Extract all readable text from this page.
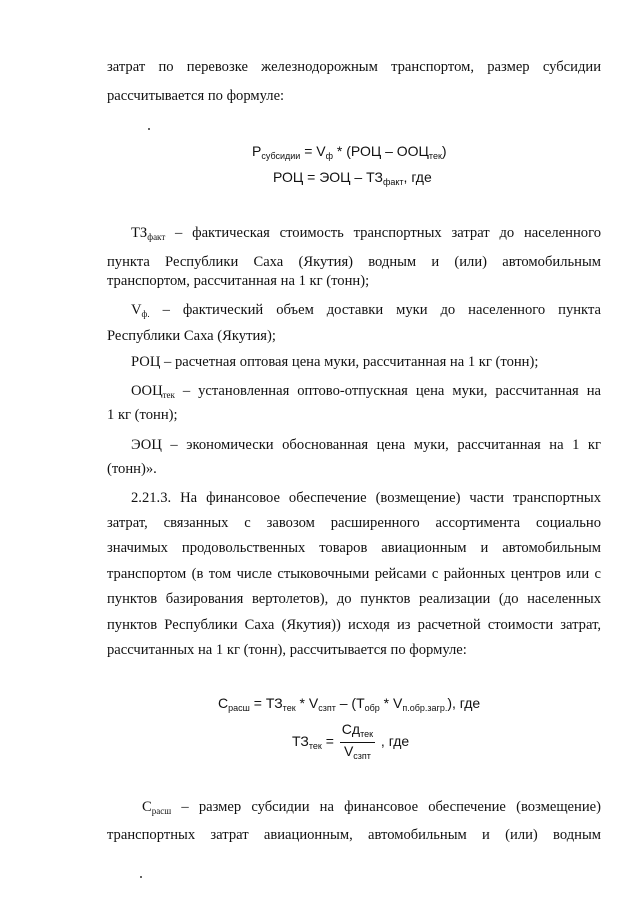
затрат по перевозке железнодорожным транспортом, размер субсидии
рассчитывается по формуле:
$Р_{субсидии} = V_ф * (РОЦ - ООЦ_{тек})$
РОЦ = ЭОЦ – $ТЗ_{факт}$, где
$ТЗ_{факт}$ – фактическая стоимость транспортных затрат до населенного
пункта Республики Саха (Якутия) водным и (или) автомобильным
транспортом, рассчитанная на 1 кг (тонн);
$V_{ф.}$ – фактический объем доставки муки до населенного пункта
Республики Саха (Якутия);
РОЦ – расчетная оптовая цена муки, рассчитанная на 1 кг (тонн);
$ООЦ_{тек}$ – установленная оптово-отпускная цена муки, рассчитанная на
1 кг (тонн);
ЭОЦ – экономически обоснованная цена муки, рассчитанная на 1 кг
(тонн)».
2.21.3. На финансовое обеспечение (возмещение) части транспортных
затрат, связанных с завозом расширенного ассортимента социально
значимых продовольственных товаров авиационным и автомобильным
транспортом (в том числе стыковочными рейсами с районных центров или с
пунктов базирования вертолетов), до пунктов реализации (до населенных
пунктов Республики Саха (Якутия)) исходя из расчетной стоимости затрат,
рассчитанных на 1 кг (тонн), рассчитывается по формуле:
$С_{расш} = ТЗ_{тек} * V_{сзпт} - (Т_{обр} * V_{п.обр.загр.})$, где
$ТЗ_{тек} = \frac{Сд_{тек}}{V_{сзпт}}$ , где
$С_{расш}$ – размер субсидии на финансовое обеспечение (возмещение)
транспортных затрат авиационным, автомобильным и (или) водным
